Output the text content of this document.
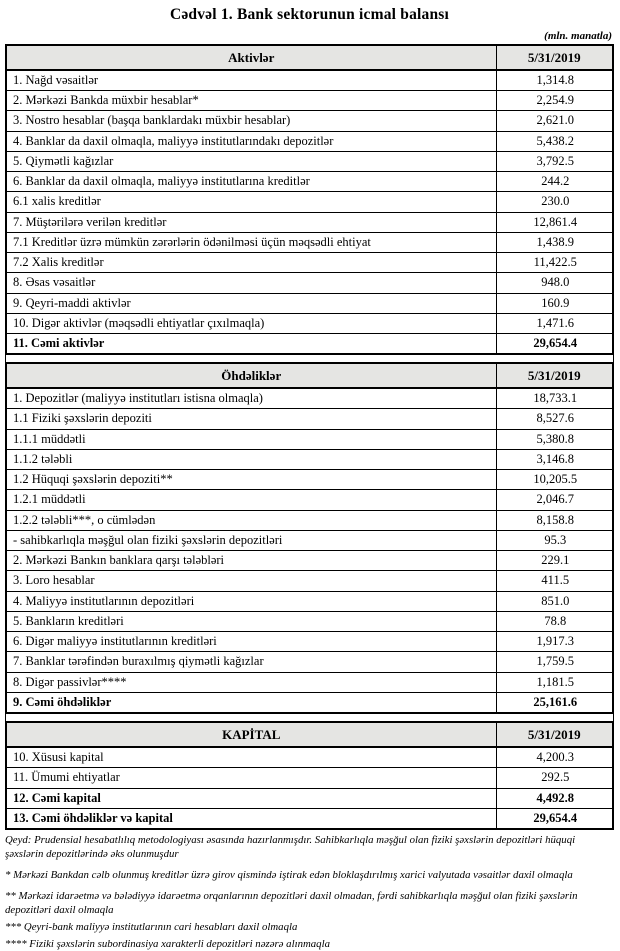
Cədvəl 1. Bank sektorunun icmal balansı
(mln. manatla)
Aktivlər	5/31/2019
1. Nağd vəsaitlər	1,314.8
2. Mərkəzi Bankda müxbir hesablar*	2,254.9
3. Nostro hesablar (başqa banklardakı müxbir hesablar)	2,621.0
4. Banklar da daxil olmaqla, maliyyə institutlarındakı depozitlər	5,438.2
5. Qiymətli kağızlar	3,792.5
6. Banklar da daxil olmaqla, maliyyə institutlarına kreditlər	244.2
6.1 xalis kreditlər	230.0
7. Müştərilərə verilən kreditlər	12,861.4
7.1 Kreditlər üzrə mümkün zərərlərin ödənilməsi üçün məqsədli ehtiyat	1,438.9
7.2 Xalis kreditlər	11,422.5
8. Əsas vəsaitlər	948.0
9. Qeyri-maddi aktivlər	160.9
10. Digər aktivlər (məqsədli ehtiyatlar çıxılmaqla)	1,471.6
11. Cəmi aktivlər	29,654.4
Öhdəliklər	5/31/2019
1. Depozitlər (maliyyə institutları istisna olmaqla)	18,733.1
1.1 Fiziki şəxslərin depoziti	8,527.6
1.1.1 müddətli	5,380.8
1.1.2 tələbli	3,146.8
1.2 Hüquqi şəxslərin depoziti**	10,205.5
1.2.1 müddətli	2,046.7
1.2.2 tələbli***, o cümlədən	8,158.8
- sahibkarlıqla məşğul olan fiziki şəxslərin depozitləri	95.3
2. Mərkəzi Bankın banklara qarşı tələbləri	229.1
3. Loro hesablar	411.5
4. Maliyyə institutlarının depozitləri	851.0
5. Bankların kreditləri	78.8
6. Digər maliyyə institutlarının kreditləri	1,917.3
7. Banklar tərəfindən buraxılmış qiymətli kağızlar	1,759.5
8. Digər passivlər****	1,181.5
9. Cəmi öhdəliklər	25,161.6
KAPİTAL	5/31/2019
10. Xüsusi kapital	4,200.3
11. Ümumi ehtiyatlar	292.5
12. Cəmi kapital	4,492.8
13. Cəmi öhdəliklər və kapital	29,654.4

Qeyd: Prudensial hesabatlılıq metodologiyası əsasında hazırlanmışdır. Sahibkarlıqla məşğul olan fiziki şəxslərin depozitləri hüquqi şəxslərin depozitlərində əks olunmuşdur

* Mərkəzi Bankdan cəlb olunmuş kreditlər üzrə girov qismində iştirak edən bloklaşdırılmış xarici valyutada vəsaitlər daxil olmaqla

** Mərkəzi idarəetmə və bələdiyyə idarəetmə orqanlarının depozitləri daxil olmadan, fərdi sahibkarlıqla məşğul olan fiziki şəxslərin depozitləri daxil olmaqla

*** Qeyri-bank maliyyə institutlarının cari hesabları daxil olmaqla

**** Fiziki şəxslərin subordinasiya xarakterli depozitləri nəzərə alınmaqla
